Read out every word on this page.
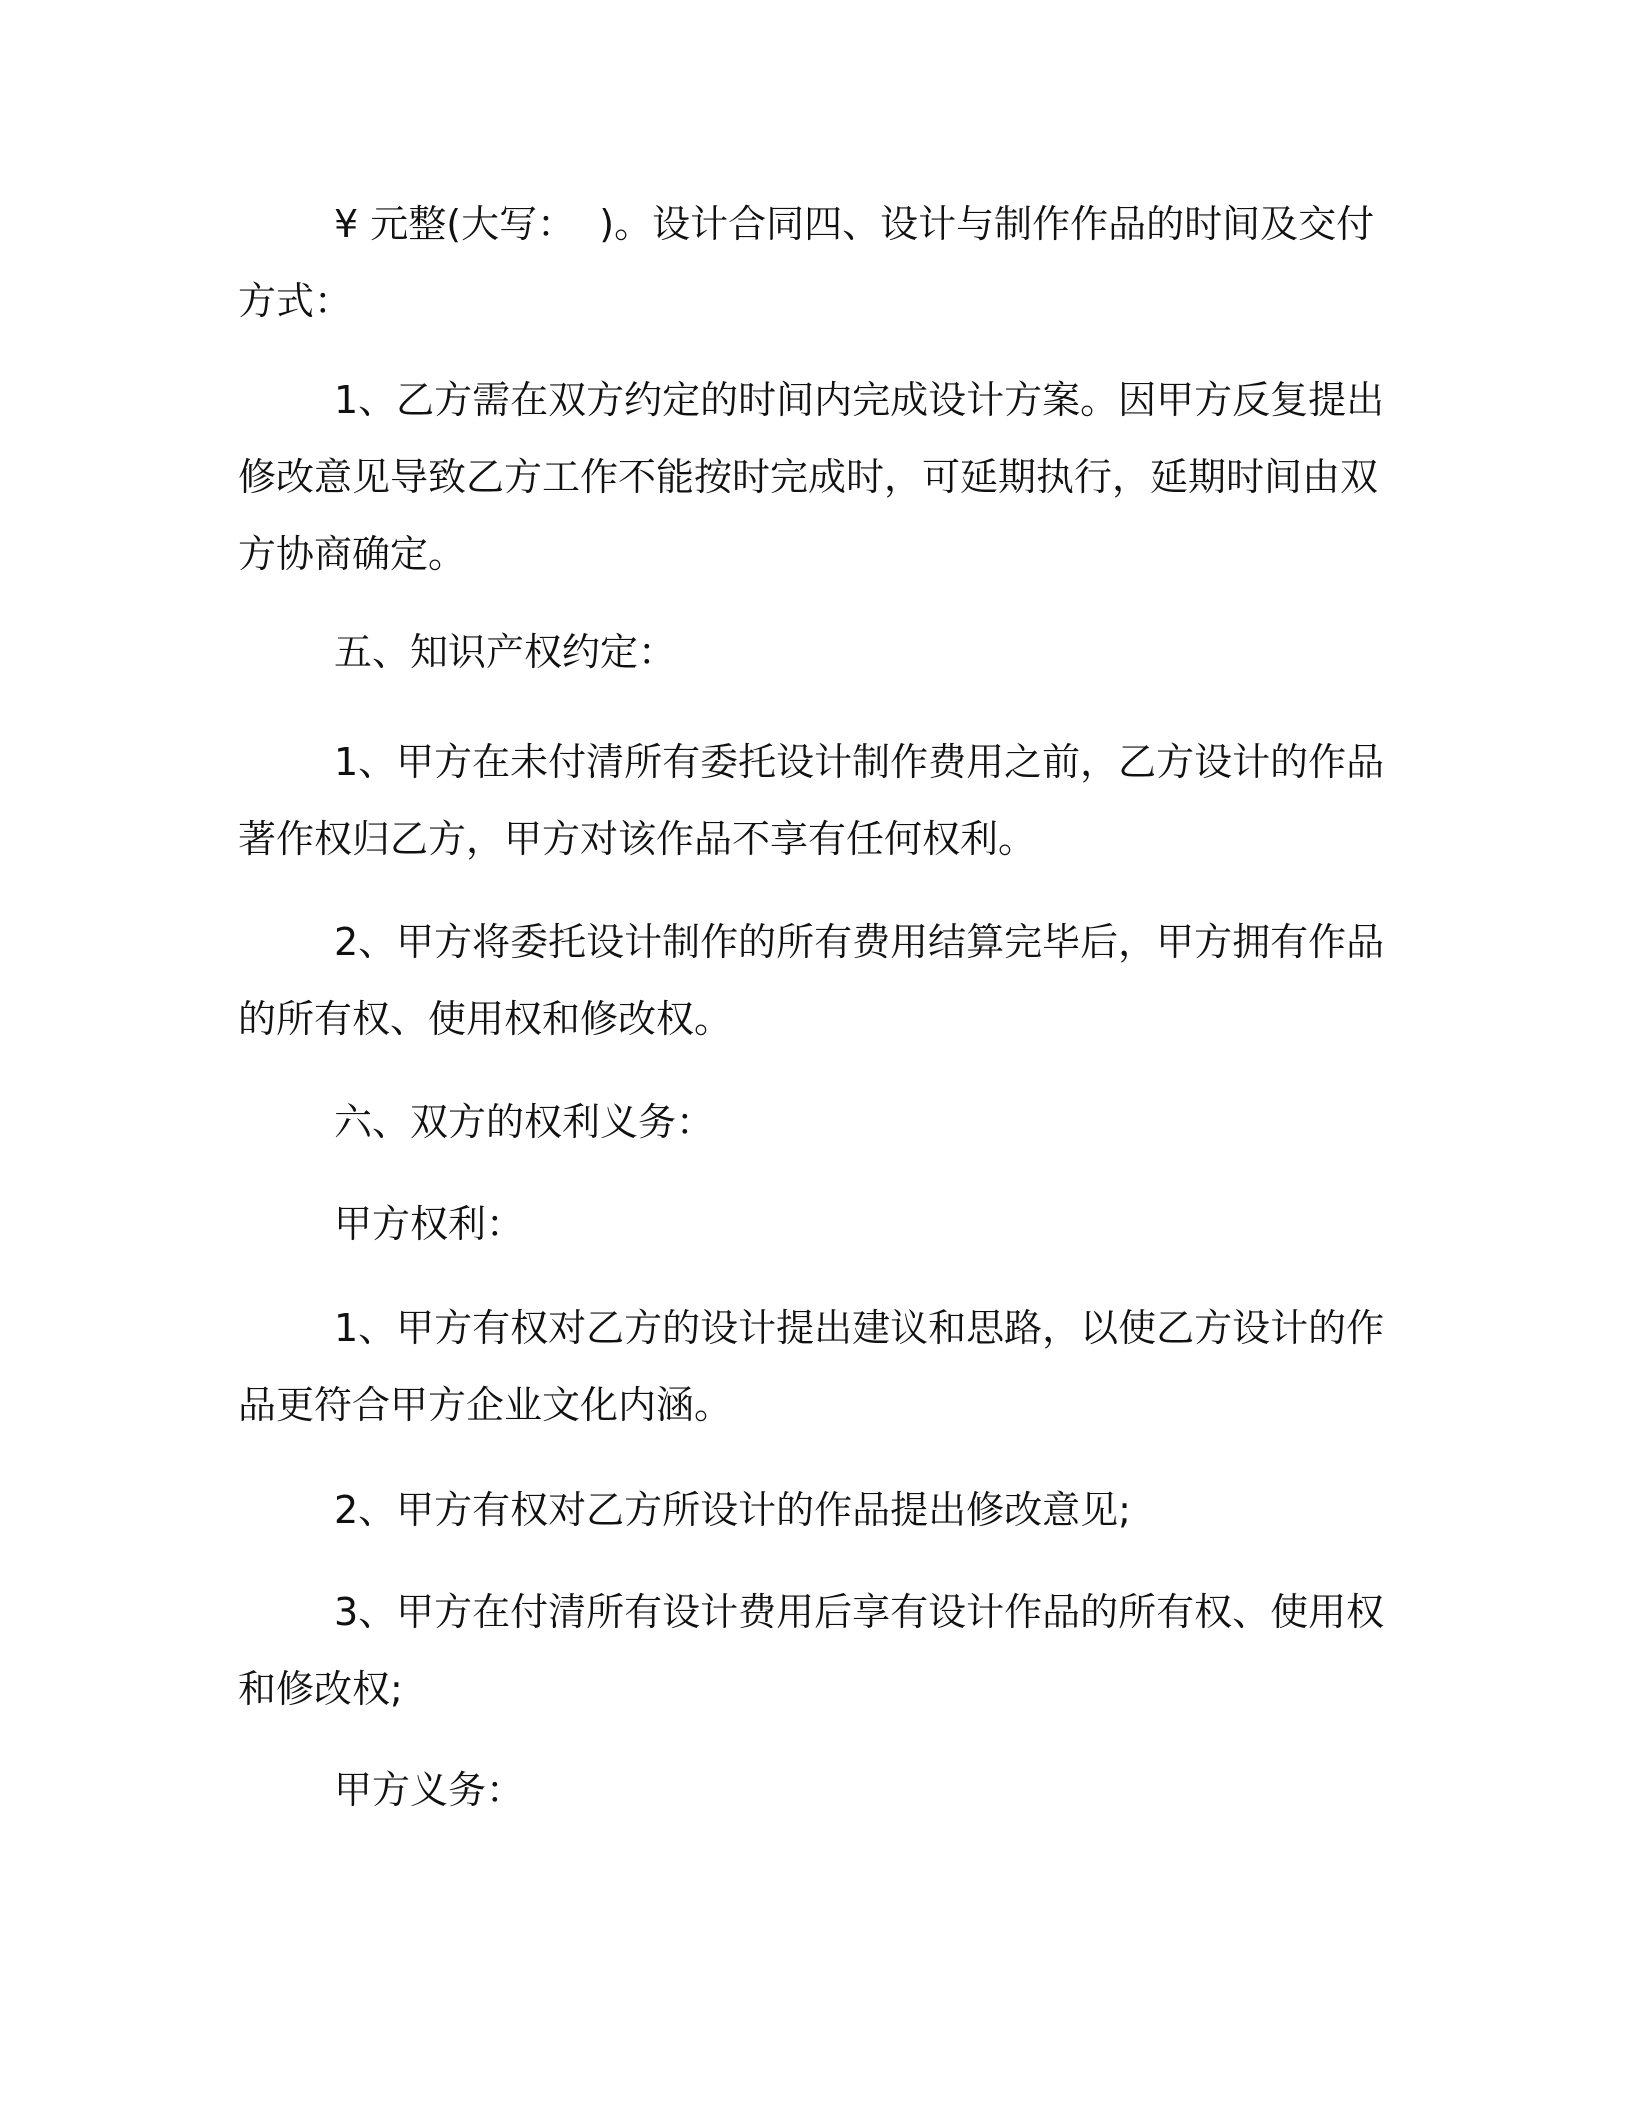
¥ 元整(大写：  )。设计合同四、设计与制作作品的时间及交付方式：

1、乙方需在双方约定的时间内完成设计方案。因甲方反复提出修改意见导致乙方工作不能按时完成时，可延期执行，延期时间由双方协商确定。

五、知识产权约定：

1、甲方在未付清所有委托设计制作费用之前，乙方设计的作品著作权归乙方，甲方对该作品不享有任何权利。

2、甲方将委托设计制作的所有费用结算完毕后，甲方拥有作品的所有权、使用权和修改权。

六、双方的权利义务：

甲方权利：

1、甲方有权对乙方的设计提出建议和思路，以使乙方设计的作品更符合甲方企业文化内涵。

2、甲方有权对乙方所设计的作品提出修改意见;

3、甲方在付清所有设计费用后享有设计作品的所有权、使用权和修改权;

甲方义务：
